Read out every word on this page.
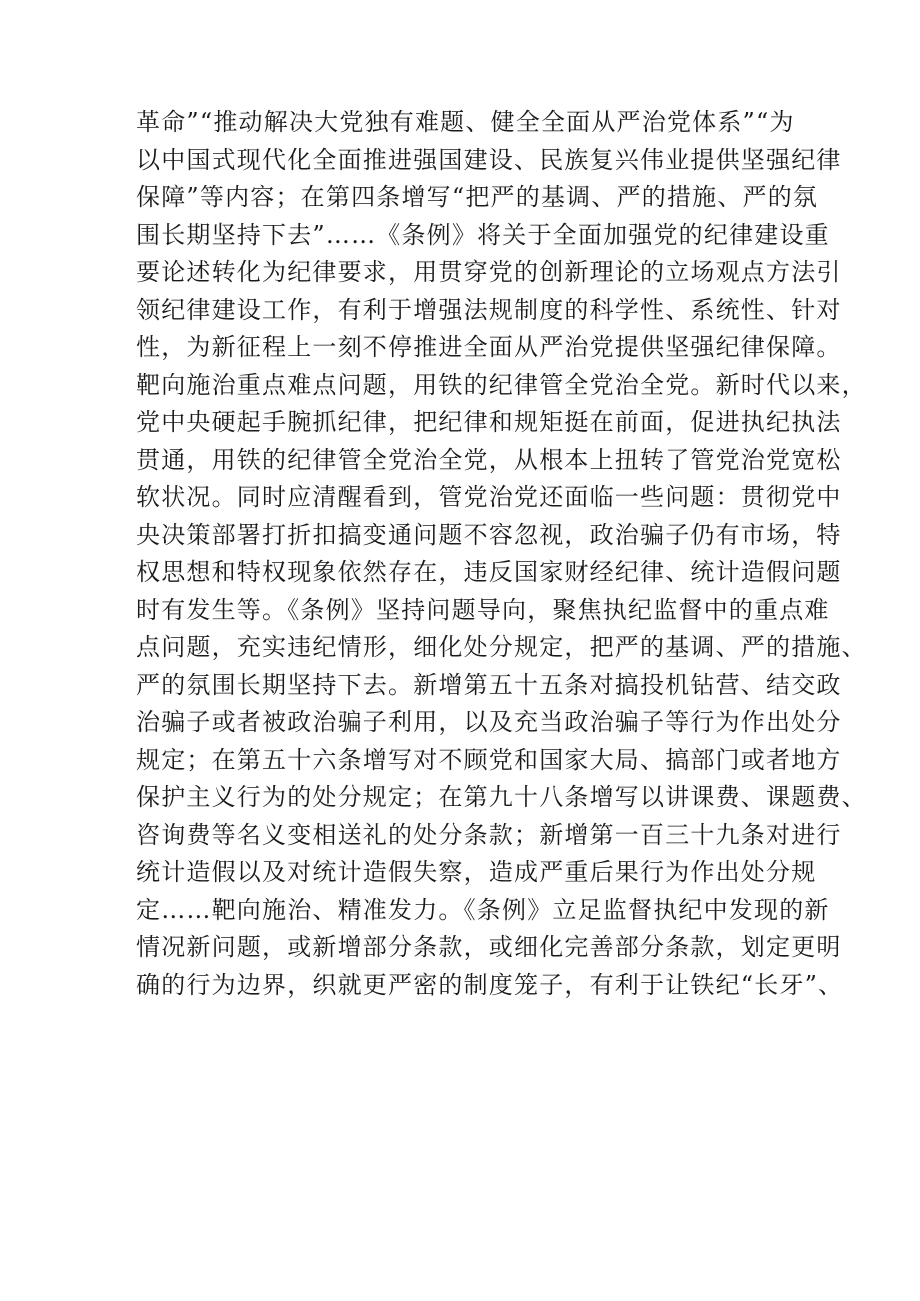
革命”“推动解决大党独有难题、健全全面从严治党体系”“为
以中国式现代化全面推进强国建设、民族复兴伟业提供坚强纪律
保障”等内容；在第四条增写“把严的基调、严的措施、严的氛
围长期坚持下去”……《条例》将关于全面加强党的纪律建设重
要论述转化为纪律要求，用贯穿党的创新理论的立场观点方法引
领纪律建设工作，有利于增强法规制度的科学性、系统性、针对
性，为新征程上一刻不停推进全面从严治党提供坚强纪律保障。
靶向施治重点难点问题，用铁的纪律管全党治全党。新时代以来，
党中央硬起手腕抓纪律，把纪律和规矩挺在前面，促进执纪执法
贯通，用铁的纪律管全党治全党，从根本上扭转了管党治党宽松
软状况。同时应清醒看到，管党治党还面临一些问题：贯彻党中
央决策部署打折扣搞变通问题不容忽视，政治骗子仍有市场，特
权思想和特权现象依然存在，违反国家财经纪律、统计造假问题
时有发生等。《条例》坚持问题导向，聚焦执纪监督中的重点难
点问题，充实违纪情形，细化处分规定，把严的基调、严的措施、
严的氛围长期坚持下去。新增第五十五条对搞投机钻营、结交政
治骗子或者被政治骗子利用，以及充当政治骗子等行为作出处分
规定；在第五十六条增写对不顾党和国家大局、搞部门或者地方
保护主义行为的处分规定；在第九十八条增写以讲课费、课题费、
咨询费等名义变相送礼的处分条款；新增第一百三十九条对进行
统计造假以及对统计造假失察，造成严重后果行为作出处分规
定……靶向施治、精准发力。《条例》立足监督执纪中发现的新
情况新问题，或新增部分条款，或细化完善部分条款，划定更明
确的行为边界，织就更严密的制度笼子，有利于让铁纪“长牙”、
